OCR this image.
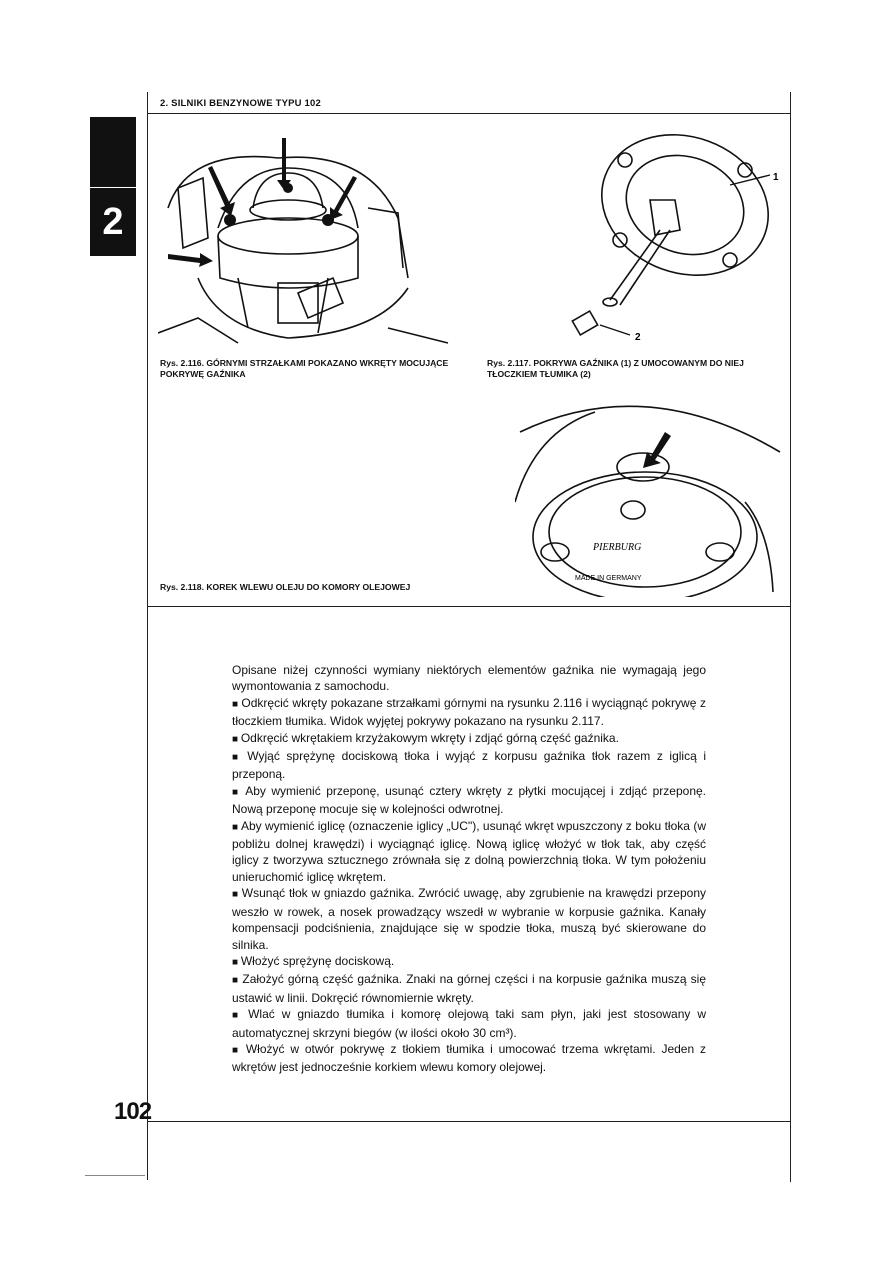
2. SILNIKI BENZYNOWE TYPU 102
2
Rys. 2.116. GÓRNYMI STRZAŁKAMI POKAZANO WKRĘTY MOCUJĄCE POKRYWĘ GAŹNIKA
1
2
Rys. 2.117. POKRYWA GAŹNIKA (1) Z UMOCOWANYM DO NIEJ TŁOCZKIEM TŁUMIKA (2)
PIERBURG
MADE IN GERMANY
Rys. 2.118. KOREK WLEWU OLEJU DO KOMORY OLEJOWEJ

Opisane niżej czynności wymiany niektórych elementów gaźnika nie wymagają jego wymontowania z samochodu.

■ Odkręcić wkręty pokazane strzałkami górnymi na rysunku 2.116 i wyciągnąć pokrywę z tłoczkiem tłumika. Widok wyjętej pokrywy pokazano na rysunku 2.117.

■ Odkręcić wkrętakiem krzyżakowym wkręty i zdjąć górną część gaźnika.

■ Wyjąć sprężynę dociskową tłoka i wyjąć z korpusu gaźnika tłok razem z iglicą i przeponą.

■ Aby wymienić przeponę, usunąć cztery wkręty z płytki mocującej i zdjąć przeponę. Nową przeponę mocuje się w kolejności odwrotnej.

■ Aby wymienić iglicę (oznaczenie iglicy „UC"), usunąć wkręt wpuszczony z boku tłoka (w pobliżu dolnej krawędzi) i wyciągnąć iglicę. Nową iglicę włożyć w tłok tak, aby część iglicy z tworzywa sztucznego zrównała się z dolną powierzchnią tłoka. W tym położeniu unieruchomić iglicę wkrętem.

■ Wsunąć tłok w gniazdo gaźnika. Zwrócić uwagę, aby zgrubienie na krawędzi przepony weszło w rowek, a nosek prowadzący wszedł w wybranie w korpusie gaźnika. Kanały kompensacji podciśnienia, znajdujące się w spodzie tłoka, muszą być skierowane do silnika.

■ Włożyć sprężynę dociskową.

■ Założyć górną część gaźnika. Znaki na górnej części i na korpusie gaźnika muszą się ustawić w linii. Dokręcić równomiernie wkręty.

■ Wlać w gniazdo tłumika i komorę olejową taki sam płyn, jaki jest stosowany w automatycznej skrzyni biegów (w ilości około 30 cm³).

■ Włożyć w otwór pokrywę z tłokiem tłumika i umocować trzema wkrętami. Jeden z wkrętów jest jednocześnie korkiem wlewu komory olejowej.

102
